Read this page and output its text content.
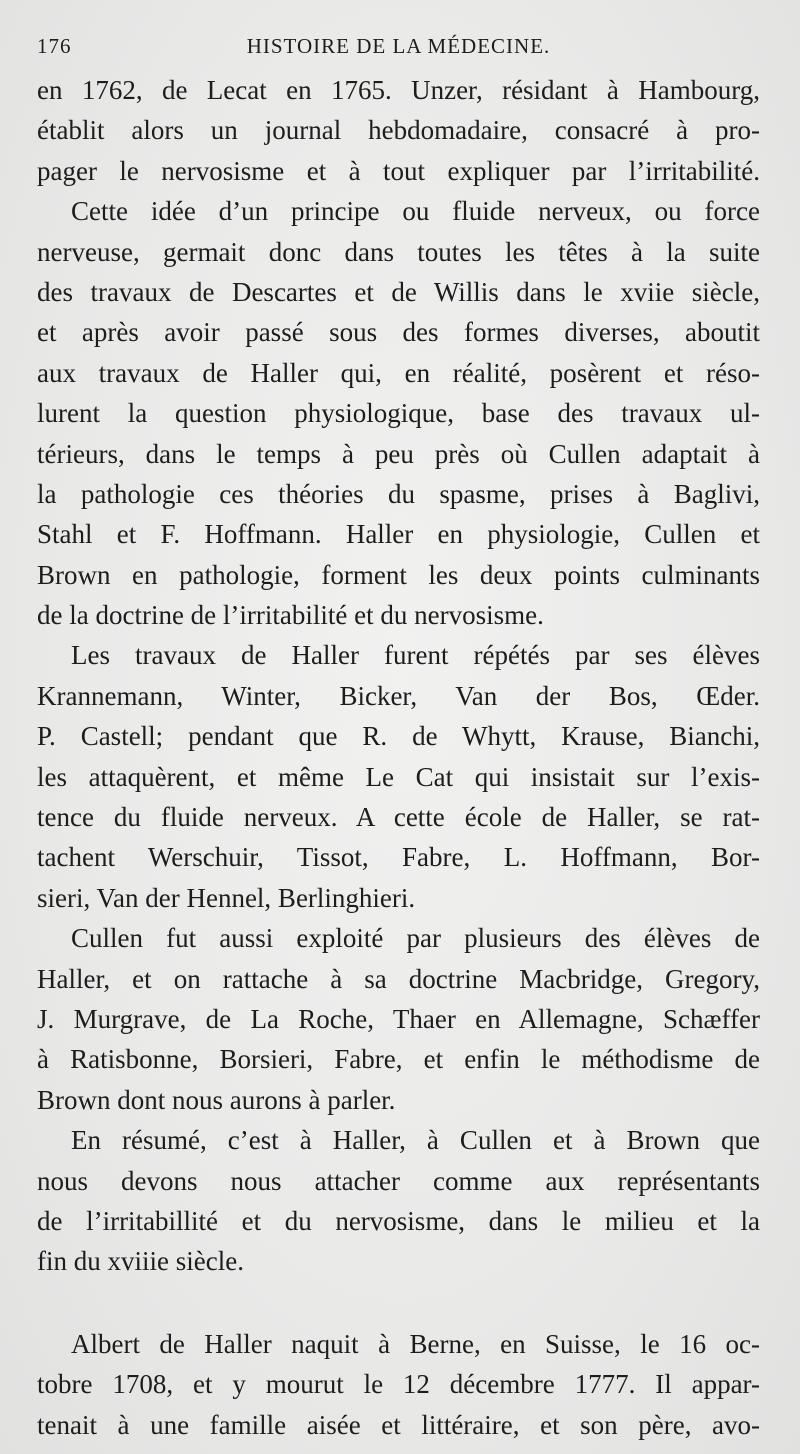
176	HISTOIRE DE LA MÉDECINE.
en 1762, de Lecat en 1765. Unzer, résidant à Hambourg,
établit alors un journal hebdomadaire, consacré à pro-
pager le nervosisme et à tout expliquer par l’irritabilité.
Cette idée d’un principe ou fluide nerveux, ou force
nerveuse, germait donc dans toutes les têtes à la suite
des travaux de Descartes et de Willis dans le xviie siècle,
et après avoir passé sous des formes diverses, aboutit
aux travaux de Haller qui, en réalité, posèrent et réso-
lurent la question physiologique, base des travaux ul-
térieurs, dans le temps à peu près où Cullen adaptait à
la pathologie ces théories du spasme, prises à Baglivi,
Stahl et F. Hoffmann. Haller en physiologie, Cullen et
Brown en pathologie, forment les deux points culminants
de la doctrine de l’irritabilité et du nervosisme.
Les travaux de Haller furent répétés par ses élèves
Krannemann, Winter, Bicker, Van der Bos, Œder.
P. Castell; pendant que R. de Whytt, Krause, Bianchi,
les attaquèrent, et même Le Cat qui insistait sur l’exis-
tence du fluide nerveux. A cette école de Haller, se rat-
tachent Werschuir, Tissot, Fabre, L. Hoffmann, Bor-
sieri, Van der Hennel, Berlinghieri.
Cullen fut aussi exploité par plusieurs des élèves de
Haller, et on rattache à sa doctrine Macbridge, Gregory,
J. Murgrave, de La Roche, Thaer en Allemagne, Schæffer
à Ratisbonne, Borsieri, Fabre, et enfin le méthodisme de
Brown dont nous aurons à parler.
En résumé, c’est à Haller, à Cullen et à Brown que
nous devons nous attacher comme aux représentants
de l’irritabillité et du nervosisme, dans le milieu et la
fin du xviiie siècle.
Albert de Haller naquit à Berne, en Suisse, le 16 oc-
tobre 1708, et y mourut le 12 décembre 1777. Il appar-
tenait à une famille aisée et littéraire, et son père, avo-
